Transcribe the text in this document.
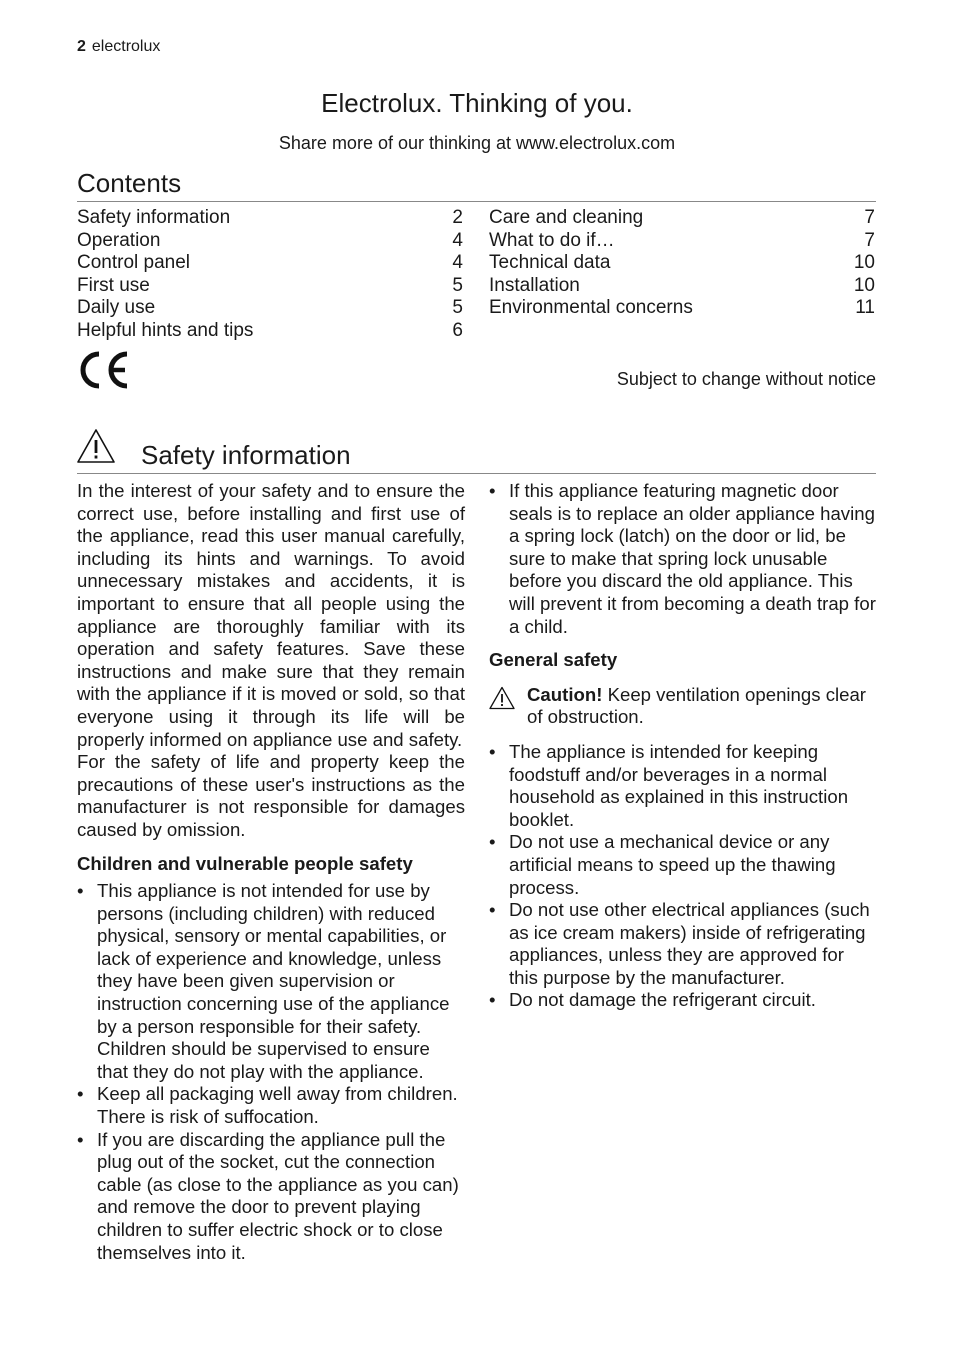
2 electrolux
Electrolux. Thinking of you.
Share more of our thinking at www.electrolux.com
Contents
Safety information	2
Operation	4
Control panel	4
First use	5
Daily use	5
Helpful hints and tips	6
Care and cleaning	7
What to do if…	7
Technical data	10
Installation	10
Environmental concerns	11
Subject to change without notice
Safety information

In the interest of your safety and to ensure the correct use, before installing and first use of the appliance, read this user manual carefully, including its hints and warnings. To avoid unnecessary mistakes and accidents, it is important to ensure that all people using the appliance are thoroughly familiar with its operation and safety features. Save these instructions and make sure that they remain with the appliance if it is moved or sold, so that everyone using it through its life will be properly informed on appliance use and safety.

For the safety of life and property keep the precautions of these user's instructions as the manufacturer is not responsible for damages caused by omission.

Children and vulnerable people safety
• This appliance is not intended for use by persons (including children) with reduced physical, sensory or mental capabilities, or lack of experience and knowledge, unless they have been given supervision or instruction concerning use of the appliance by a person responsible for their safety. Children should be supervised to ensure that they do not play with the appliance.
• Keep all packaging well away from children. There is risk of suffocation.
• If you are discarding the appliance pull the plug out of the socket, cut the connection cable (as close to the appliance as you can) and remove the door to prevent playing children to suffer electric shock or to close themselves into it.
• If this appliance featuring magnetic door seals is to replace an older appliance having a spring lock (latch) on the door or lid, be sure to make that spring lock unusable before you discard the old appliance. This will prevent it from becoming a death trap for a child.
General safety
Caution! Keep ventilation openings clear of obstruction.
• The appliance is intended for keeping foodstuff and/or beverages in a normal household as explained in this instruction booklet.
• Do not use a mechanical device or any artificial means to speed up the thawing process.
• Do not use other electrical appliances (such as ice cream makers) inside of refrigerating appliances, unless they are approved for this purpose by the manufacturer.
• Do not damage the refrigerant circuit.
